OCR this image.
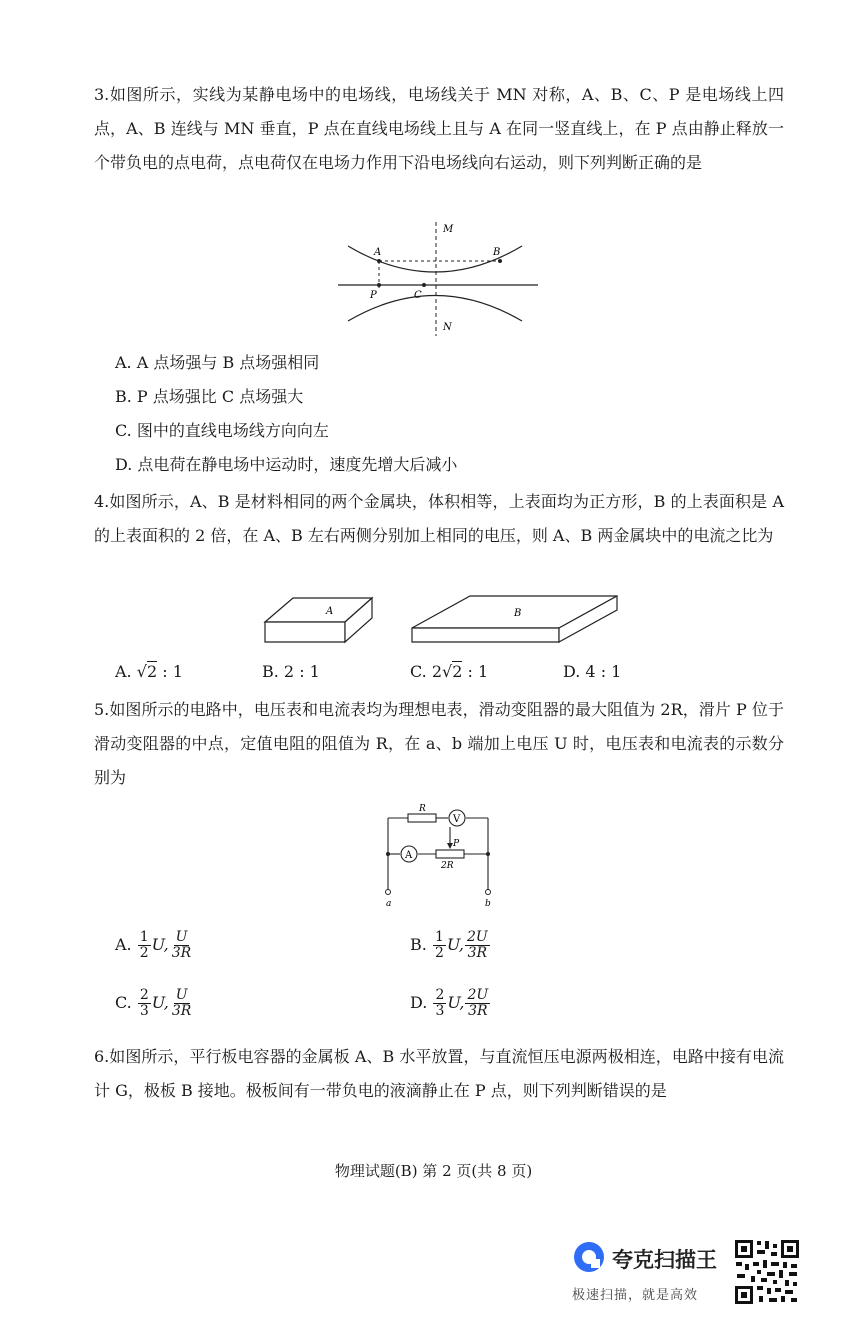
3.如图所示，实线为某静电场中的电场线，电场线关于 MN 对称，A、B、C、P 是电场线上四点，A、B 连线与 MN 垂直，P 点在直线电场线上且与 A 在同一竖直线上，在 P 点由静止释放一个带负电的点电荷，点电荷仅在电场力作用下沿电场线向右运动，则下列判断正确的是
M
N
A	B
P	C
A. A 点场强与 B 点场强相同
B. P 点场强比 C 点场强大
C. 图中的直线电场线方向向左
D. 点电荷在静电场中运动时，速度先增大后减小
4.如图所示，A、B 是材料相同的两个金属块，体积相等，上表面均为正方形，B 的上表面积是 A 的上表面积的 2 倍，在 A、B 左右两侧分别加上相同的电压，则 A、B 两金属块中的电流之比为
A	B
A. √2 : 1	B. 2 : 1	C. 2√2 : 1	D. 4 : 1
5.如图所示的电路中，电压表和电流表均为理想电表，滑动变阻器的最大阻值为 2R，滑片 P 位于滑动变阻器的中点，定值电阻的阻值为 R，在 a、b 端加上电压 U 时，电压表和电流表的示数分别为
V
A
R
P
2R
a	b
A. $\frac{1}{2} U$, $\frac{U}{3R}$	B. $\frac{1}{2} U$, $\frac{2U}{3R}$
C. $\frac{2}{3} U$, $\frac{U}{3R}$	D. $\frac{2}{3} U$, $\frac{2U}{3R}$
6.如图所示，平行板电容器的金属板 A、B 水平放置，与直流恒压电源两极相连，电路中接有电流计 G，极板 B 接地。极板间有一带负电的液滴静止在 P 点，则下列判断错误的是
物理试题(B) 第 2 页(共 8 页)
夸克扫描王
极速扫描，就是高效
